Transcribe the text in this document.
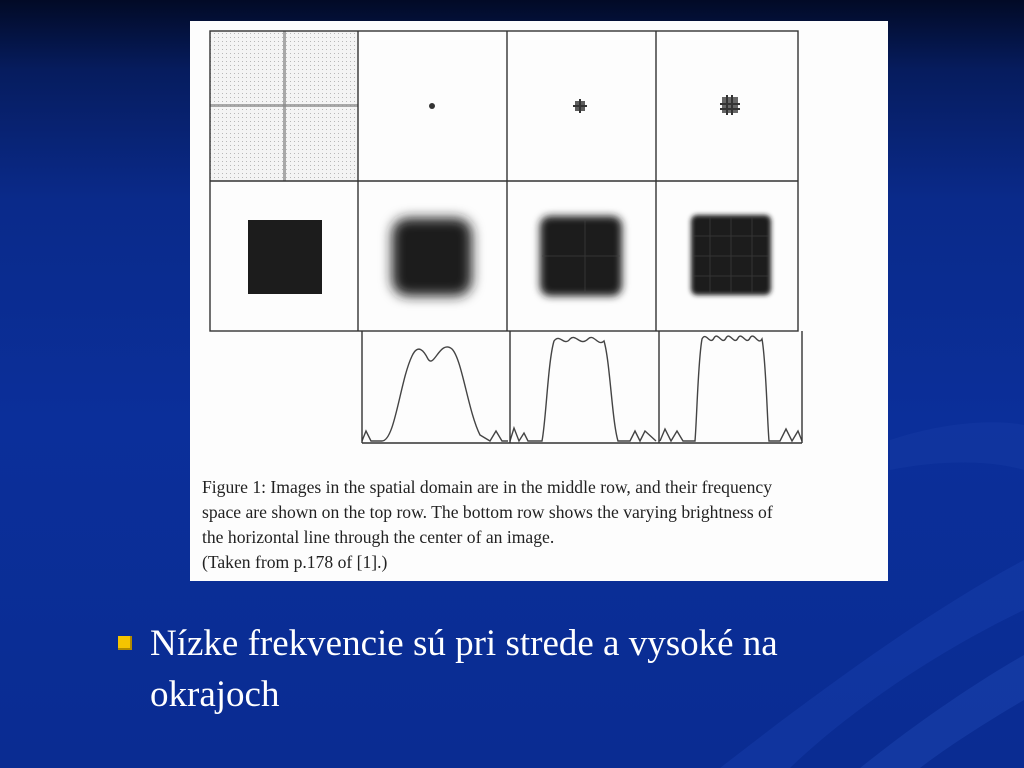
Figure 1: Images in the spatial domain are in the middle row, and their frequency
space are shown on the top row. The bottom row shows the varying brightness of
the horizontal line through the center of an image.
(Taken from p.178 of [1].)
Nízke frekvencie sú pri strede a vysoké na
okrajoch
